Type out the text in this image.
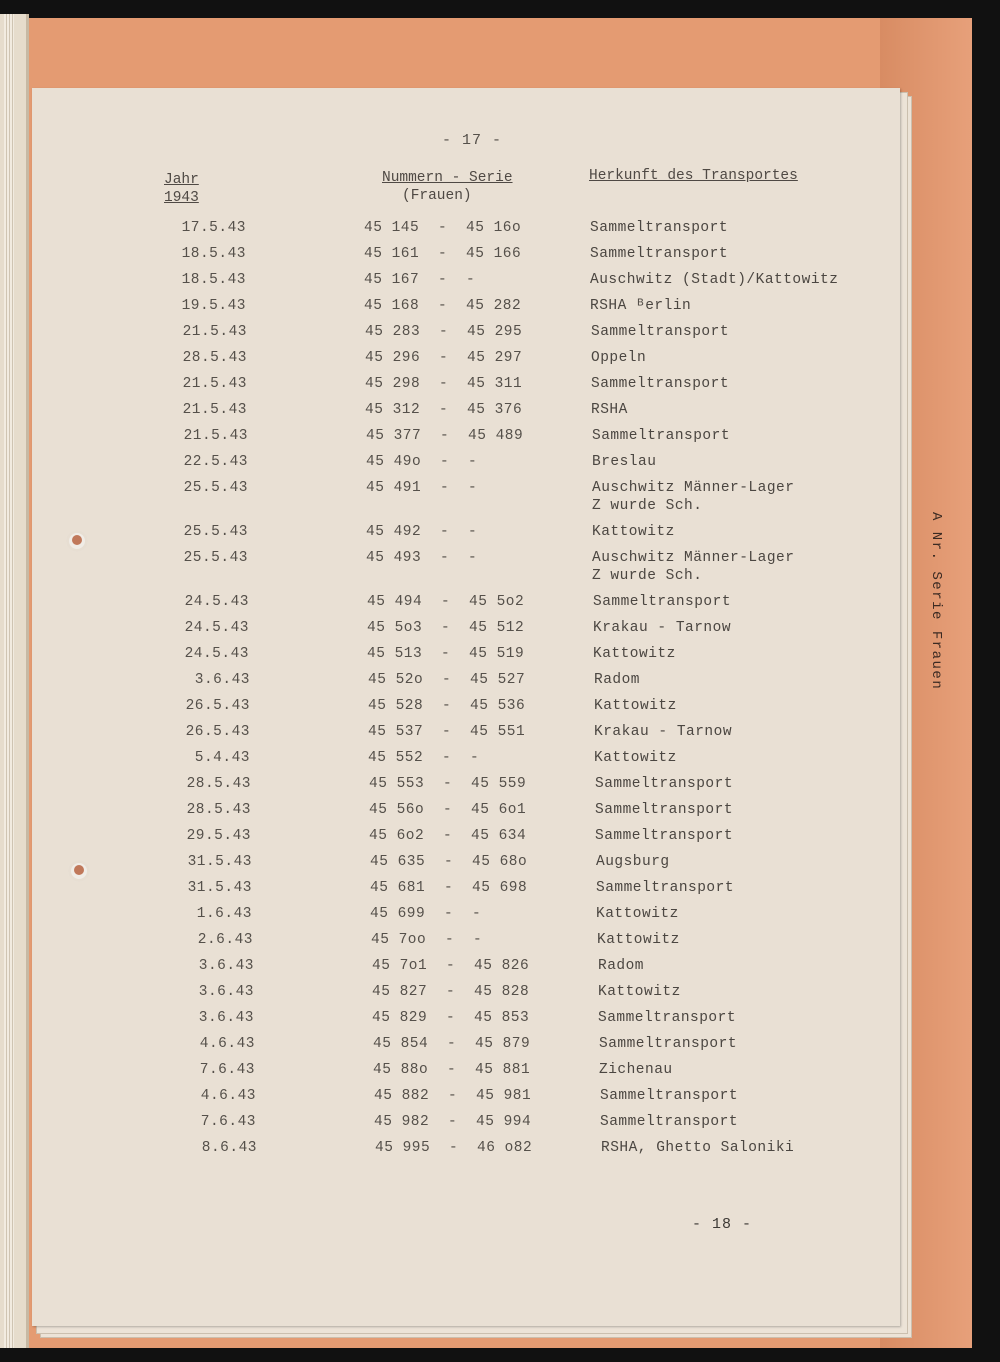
- 17 -
Jahr
1943
Nummern - Serie
(Frauen)
Herkunft des Transportes
17.5.43	45 145 - 45 16o	Sammeltransport
18.5.43	45 161 - 45 166	Sammeltransport
18.5.43	45 167 - -	Auschwitz (Stadt)/Kattowitz
19.5.43	45 168 - 45 282	RSHA ᴮerlin
21.5.43	45 283 - 45 295	Sammeltransport
28.5.43	45 296 - 45 297	Oppeln
21.5.43	45 298 - 45 311	Sammeltransport
21.5.43	45 312 - 45 376	RSHA
21.5.43	45 377 - 45 489	Sammeltransport
22.5.43	45 49o - -	Breslau
25.5.43	45 491 - -	Auschwitz Männer-Lager
Z wurde Sch.
25.5.43	45 492 - -	Kattowitz
25.5.43	45 493 - -	Auschwitz Männer-Lager
Z wurde Sch.
24.5.43	45 494 - 45 5o2	Sammeltransport
24.5.43	45 5o3 - 45 512	Krakau - Tarnow
24.5.43	45 513 - 45 519	Kattowitz
3.6.43	45 52o - 45 527	Radom
26.5.43	45 528 - 45 536	Kattowitz
26.5.43	45 537 - 45 551	Krakau - Tarnow
5.4.43	45 552 - -	Kattowitz
28.5.43	45 553 - 45 559	Sammeltransport
28.5.43	45 56o - 45 6o1	Sammeltransport
29.5.43	45 6o2 - 45 634	Sammeltransport
31.5.43	45 635 - 45 68o	Augsburg
31.5.43	45 681 - 45 698	Sammeltransport
1.6.43	45 699 - -	Kattowitz
2.6.43	45 7oo - -	Kattowitz
3.6.43	45 7o1 - 45 826	Radom
3.6.43	45 827 - 45 828	Kattowitz
3.6.43	45 829 - 45 853	Sammeltransport
4.6.43	45 854 - 45 879	Sammeltransport
7.6.43	45 88o - 45 881	Zichenau
4.6.43	45 882 - 45 981	Sammeltransport
7.6.43	45 982 - 45 994	Sammeltransport
8.6.43	45 995 - 46 o82	RSHA, Ghetto Saloniki
- 18 -
A Nr. Serie Frauen
